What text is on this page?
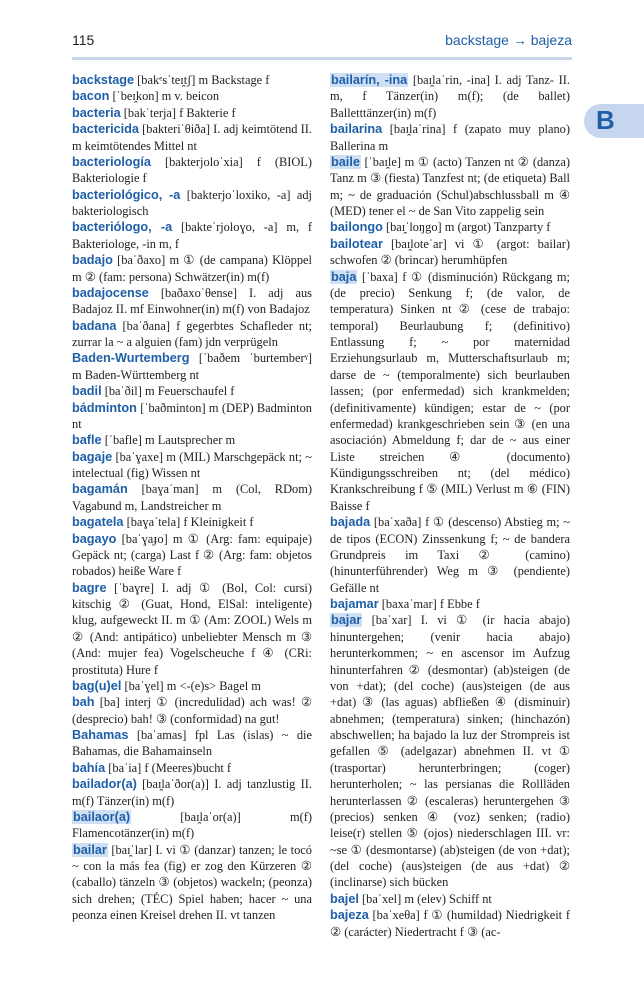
115	backstage → bajeza
B

backstage [bakᵉsˈteɪ̯tʃ] m Backstage f

bacon [ˈbeɪ̯kon] m v. beicon

bacteria [bakˈterja] f Bakterie f

bactericida [bakteriˈθiða] I. adj keimtötend II. m keimtötendes Mittel nt

bacteriología [bakterjoloˈxia] f (BIOL) Bakteriologie f

bacteriológico, -a [bakterjoˈloxiko, -a] adj bakteriologisch

bacteriólogo, -a [bakteˈrjoloɣo, -a] m, f Bakteriologe, -in m, f

badajo [baˈðaxo] m ① (de campana) Klöppel m ② (fam: persona) Schwätzer(in) m(f)

badajocense [baðaxoˈθense] I. adj aus Badajoz II. mf Einwohner(in) m(f) von Badajoz

badana [baˈðana] f gegerbtes Schafleder nt; zurrar la ~ a alguien (fam) jdn verprügeln

Baden-Wurtemberg [ˈbaðem ˈburtemberᵞ] m Baden-Württemberg nt

badil [baˈðil] m Feuerschaufel f

bádminton [ˈbaðminton] m (DEP) Badminton nt

bafle [ˈbafle] m Lautsprecher m

bagaje [baˈɣaxe] m (MIL) Marschgepäck nt; ~ intelectual (fig) Wissen nt

bagamán [baɣaˈman] m (Col, RDom) Vagabund m, Landstreicher m

bagatela [baɣaˈtela] f Kleinigkeit f

bagayo [baˈɣaɟo] m ① (Arg: fam: equipaje) Gepäck nt; (carga) Last f ② (Arg: fam: objetos robados) heiße Ware f

bagre [ˈbaɣre] I. adj ① (Bol, Col: cursi) kitschig ② (Guat, Hond, ElSal: inteligente) klug, aufgeweckt II. m ① (Am: ZOOL) Wels m ② (And: antipático) unbeliebter Mensch m ③ (And: mujer fea) Vogelscheuche f ④ (CRi: prostituta) Hure f

bag(u)el [baˈɣel] m <-(e)s> Bagel m

bah [ba] interj ① (incredulidad) ach was! ② (desprecio) bah! ③ (conformidad) na gut!

Bahamas [baˈamas] fpl Las (islas) ~ die Bahamas, die Bahamainseln

bahía [baˈia] f (Meeres)bucht f

bailador(a) [baɪ̯laˈðor(a)] I. adj tanzlustig II. m(f) Tänzer(in) m(f)

bailaor(a)	[baɪ̯laˈor(a)] m(f) Flamencotänzer(in) m(f)

bailar [baɪ̯ˈlar] I. vi ① (danzar) tanzen; le tocó ~ con la más fea (fig) er zog den Kürzeren ② (caballo) tänzeln ③ (objetos) wackeln; (peonza) sich drehen; (TÉC) Spiel haben; hacer ~ una peonza einen Kreisel drehen II. vt tanzen

bailarín, -ina [baɪ̯laˈrin, -ina] I. adj Tanz- II. m, f Tänzer(in) m(f); (de ballet) Balletttänzer(in) m(f)

bailarina [baɪ̯laˈrina] f (zapato muy plano) Ballerina m

baile [ˈbaɪ̯le] m ① (acto) Tanzen nt ② (danza) Tanz m ③ (fiesta) Tanzfest nt; (de etiqueta) Ball m; ~ de graduación (Schul)abschlussball m ④ (MED) tener el ~ de San Vito zappelig sein

bailongo [baɪ̯ˈloŋgo] m (argot) Tanzparty f

bailotear [baɪ̯loteˈar] vi ① (argot: bailar) schwofen ② (brincar) herumhüpfen

baja [ˈbaxa] f ① (disminución) Rückgang m; (de precio) Senkung f; (de valor, de temperatura) Sinken nt ② (cese de trabajo: temporal) Beurlaubung f; (definitivo) Entlassung f; ~ por maternidad Erziehungsurlaub m, Mutterschaftsurlaub m; darse de ~ (temporalmente) sich beurlauben lassen; (por enfermedad) sich krankmelden; (definitivamente) kündigen; estar de ~ (por enfermedad) krankgeschrieben sein ③ (en una asociación) Abmeldung f; dar de ~ aus einer Liste streichen ④ (documento) Kündigungsschreiben nt; (del médico) Krankschreibung f ⑤ (MIL) Verlust m ⑥ (FIN) Baisse f

bajada [baˈxaða] f ① (descenso) Abstieg m; ~ de tipos (ECON) Zinssenkung f; ~ de bandera Grundpreis im Taxi ② (camino) (hinunterführender) Weg m ③ (pendiente) Gefälle nt

bajamar [baxaˈmar] f Ebbe f

bajar [baˈxar] I. vi ① (ir hacia abajo) hinuntergehen; (venir hacia abajo) herunterkommen; ~ en ascensor im Aufzug hinunterfahren ② (desmontar) (ab)steigen (de von +dat); (del coche) (aus)steigen (de aus +dat) ③ (las aguas) abfließen ④ (disminuir) abnehmen; (temperatura) sinken; (hinchazón) abschwellen; ha bajado la luz der Strompreis ist gefallen ⑤ (adelgazar) abnehmen II. vt ① (trasportar) herunterbringen; (coger) herunterholen; ~ las persianas die Rollläden herunterlassen ② (escaleras) heruntergehen ③ (precios) senken ④ (voz) senken; (radio) leise(r) stellen ⑤ (ojos) niederschlagen III. vr: ~se ① (desmontarse) (ab)steigen (de von +dat); (del coche) (aus)steigen (de aus +dat) ② (inclinarse) sich bücken

bajel [baˈxel] m (elev) Schiff nt

bajeza [baˈxeθa] f ① (humildad) Niedrigkeit f ② (carácter) Niedertracht f ③ (ac-
